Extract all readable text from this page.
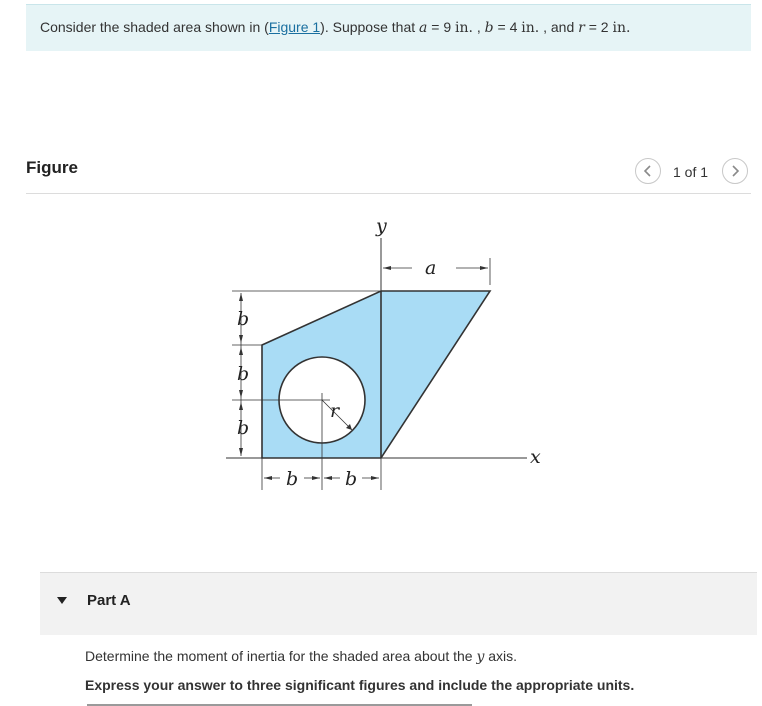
Consider the shaded area shown in (Figure 1). Suppose that a = 9 in. , b = 4 in. , and r = 2 in.
Figure	1 of 1
y
x
a
b
b
b
b b
r
Part A
Determine the moment of inertia for the shaded area about the y axis.
Express your answer to three significant figures and include the appropriate units.
